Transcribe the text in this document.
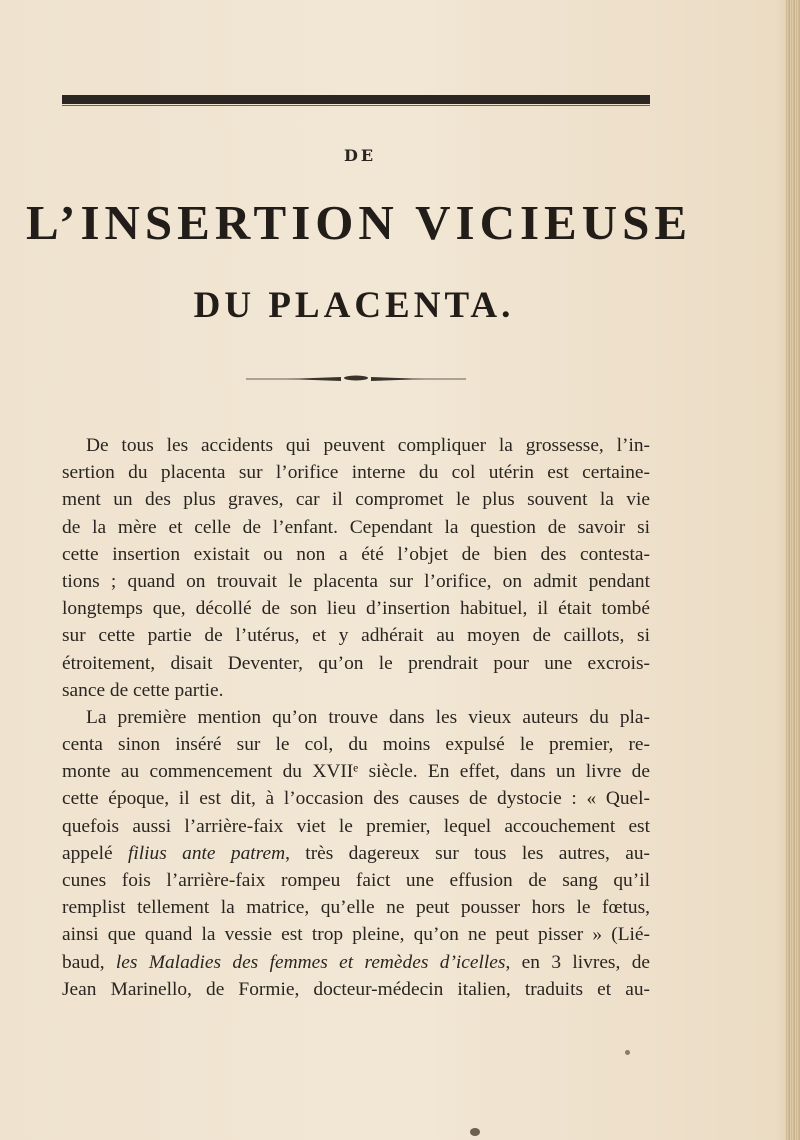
DE
L’INSERTION VICIEUSE
DU PLACENTA.
De tous les accidents qui peuvent compliquer la grossesse, l’in-
sertion du placenta sur l’orifice interne du col utérin est certaine-
ment un des plus graves, car il compromet le plus souvent la vie
de la mère et celle de l’enfant. Cependant la question de savoir si
cette insertion existait ou non a été l’objet de bien des contesta-
tions ; quand on trouvait le placenta sur l’orifice, on admit pendant
longtemps que, décollé de son lieu d’insertion habituel, il était tombé
sur cette partie de l’utérus, et y adhérait au moyen de caillots, si
étroitement, disait Deventer, qu’on le prendrait pour une excrois-
sance de cette partie.
La première mention qu’on trouve dans les vieux auteurs du pla-
centa sinon inséré sur le col, du moins expulsé le premier, re-
monte au commencement du XVIIᵉ siècle. En effet, dans un livre de
cette époque, il est dit, à l’occasion des causes de dystocie : « Quel-
quefois aussi l’arrière-faix viet le premier, lequel accouchement est
appelé filius ante patrem, très dagereux sur tous les autres, au-
cunes fois l’arrière-faix rompeu faict une effusion de sang qu’il
remplist tellement la matrice, qu’elle ne peut pousser hors le fœtus,
ainsi que quand la vessie est trop pleine, qu’on ne peut pisser » (Lié-
baud, les Maladies des femmes et remèdes d’icelles, en 3 livres, de
Jean Marinello, de Formie, docteur-médecin italien, traduits et au-
